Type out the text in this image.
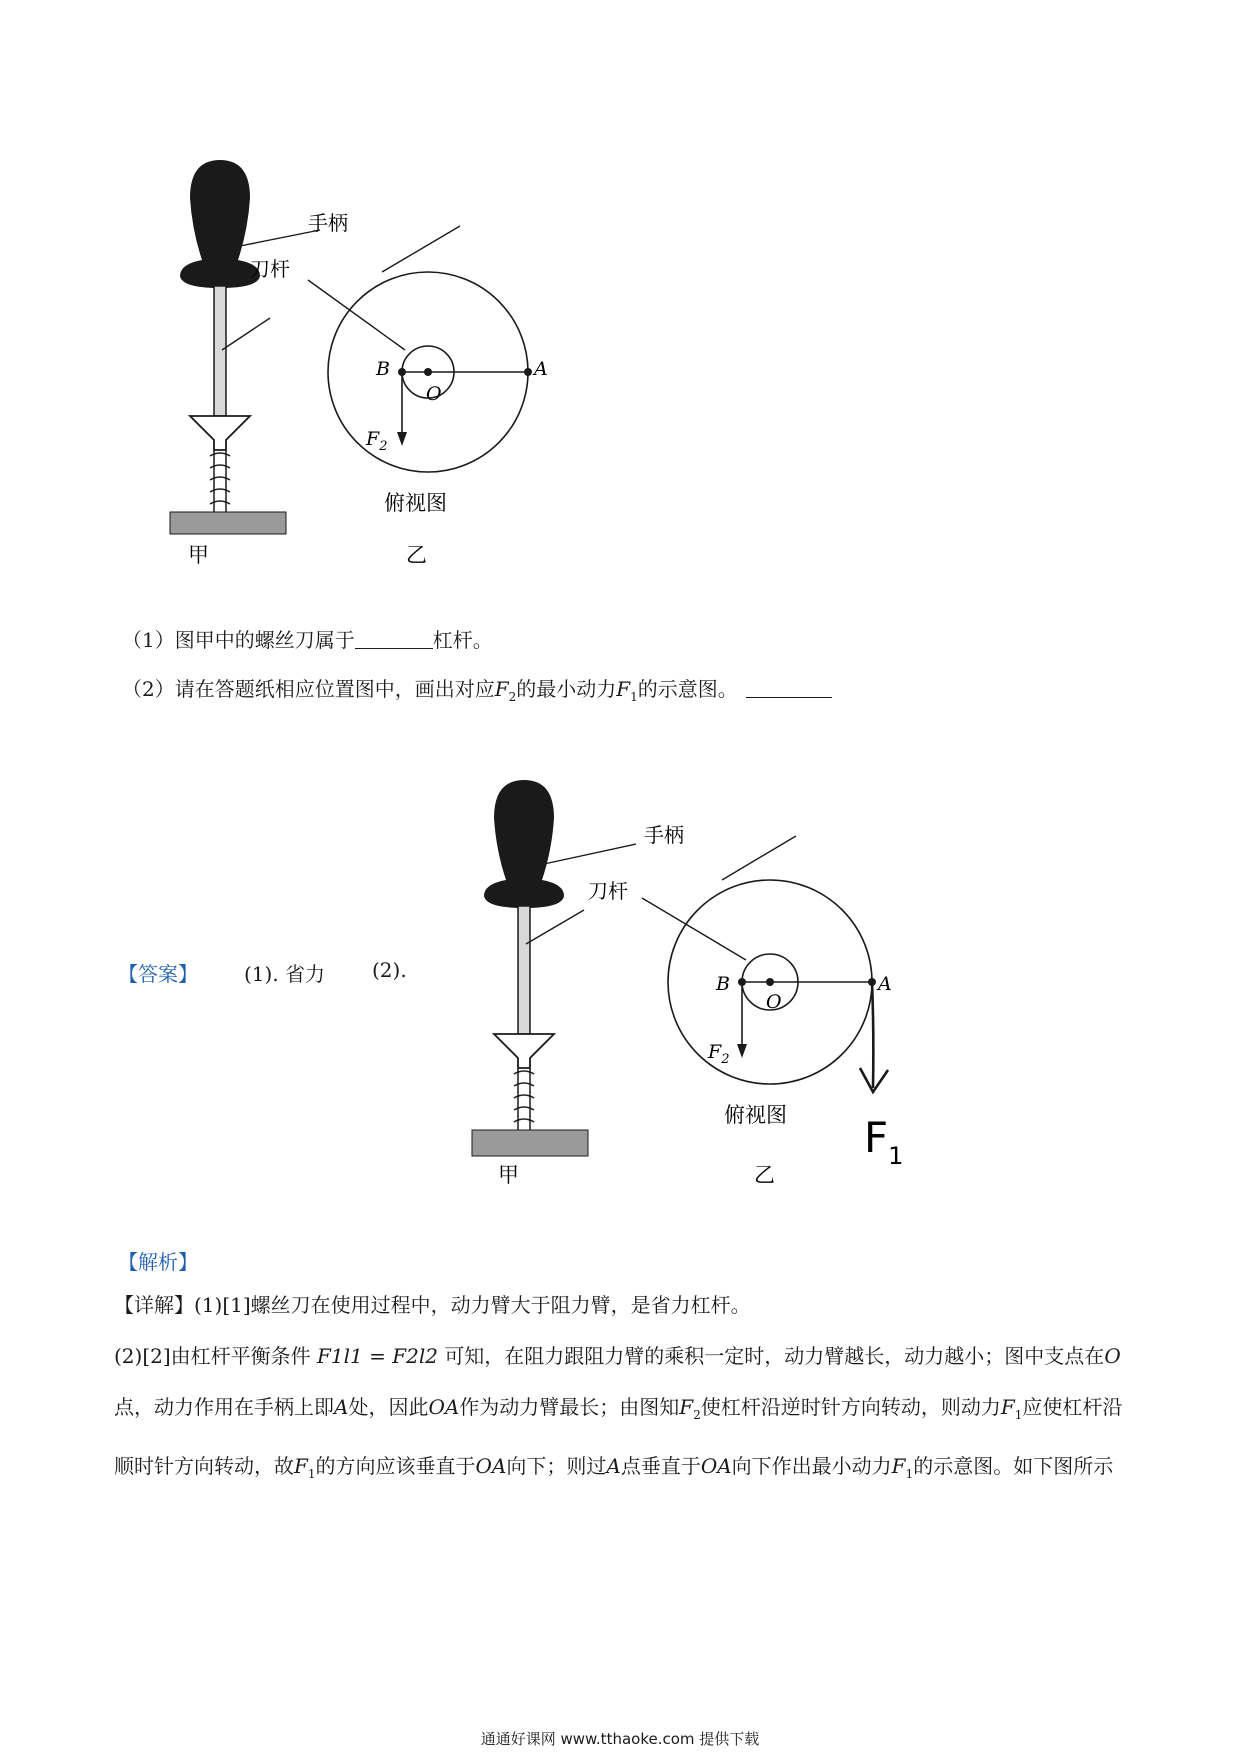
手柄
刀杆
B
O
A
$F_2$
俯视图
甲	乙
（1）图甲中的螺丝刀属于	杠杆。
（2）请在答题纸相应位置图中，画出对应$F_2$的最小动力$F_1$的示意图。
【答案】 (1). 省力 (2).
手柄
刀杆
B
O
A
$F_2$
俯视图
甲	乙
$F_1$
【解析】

【详解】(1)[1]螺丝刀在使用过程中，动力臂大于阻力臂，是省力杠杆。

(2)[2]由杠杆平衡条件 F1l1 = F2l2 可知，在阻力跟阻力臂的乘积一定时，动力臂越长，动力越小；图中支点在O点，动力作用在手柄上即A处，因此OA作为动力臂最长；由图知$F_2$使杠杆沿逆时针方向转动，则动力$F_1$应使杠杆沿顺时针方向转动，故$F_1$的方向应该垂直于OA向下；则过A点垂直于OA向下作出最小动力$F_1$的示意图。如下图所示

通通好课网 www.tthaoke.com 提供下载
